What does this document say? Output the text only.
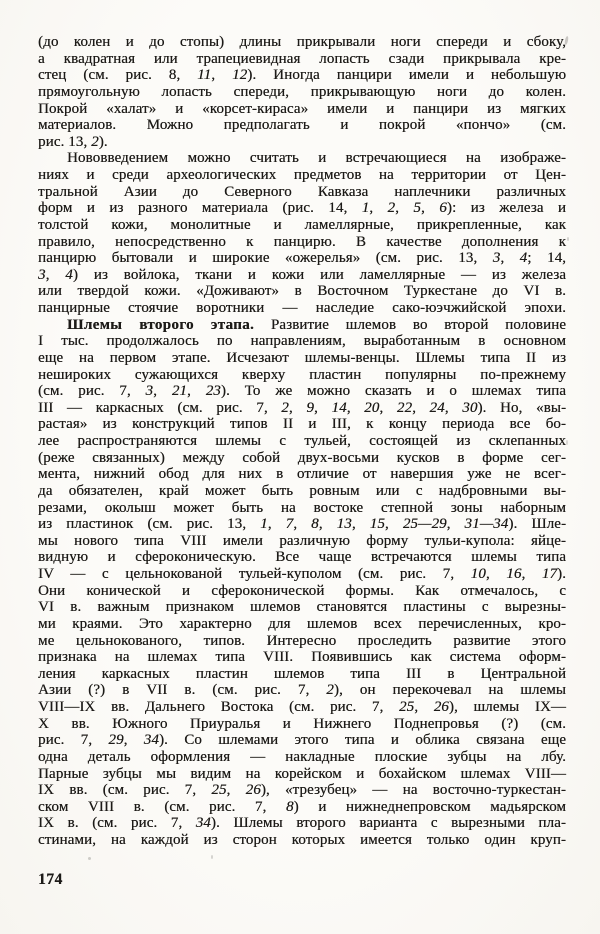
(до колен и до стопы) длины прикрывали ноги спереди и сбоку,
а квадратная или трапециевидная лопасть сзади прикрывала кре-
стец (см. рис. 8, 11, 12). Иногда панцири имели и небольшую
прямоугольную лопасть спереди, прикрывающую ноги до колен.
Покрой «халат» и «корсет-кираса» имели и панцири из мягких
материалов. Можно предполагать и покрой «пончо» (см.
рис. 13, 2).
Нововведением можно считать и встречающиеся на изображе-
ниях и среди археологических предметов на территории от Цен-
тральной Азии до Северного Кавказа наплечники различных
форм и из разного материала (рис. 14, 1, 2, 5, 6): из железа и
толстой кожи, монолитные и ламеллярные, прикрепленные, как
правило, непосредственно к панцирю. В качестве дополнения к
панцирю бытовали и широкие «ожерелья» (см. рис. 13, 3, 4; 14,
3, 4) из войлока, ткани и кожи или ламеллярные — из железа
или твердой кожи. «Доживают» в Восточном Туркестане до VI в.
панцирные стоячие воротники — наследие сако-юэчжийской эпохи.
Шлемы второго этапа. Развитие шлемов во второй половине
I тыс. продолжалось по направлениям, выработанным в основном
еще на первом этапе. Исчезают шлемы-венцы. Шлемы типа II из
нешироких сужающихся кверху пластин популярны по-прежнему
(см. рис. 7, 3, 21, 23). То же можно сказать и о шлемах типа
III — каркасных (см. рис. 7, 2, 9, 14, 20, 22, 24, 30). Но, «вы-
растая» из конструкций типов II и III, к концу периода все бо-
лее распространяются шлемы с тульей, состоящей из склепанных
(реже связанных) между собой двух-восьми кусков в форме сег-
мента, нижний обод для них в отличие от навершия уже не всег-
да обязателен, край может быть ровным или с надбровными вы-
резами, околыш может быть на востоке степной зоны наборным
из пластинок (см. рис. 13, 1, 7, 8, 13, 15, 25—29, 31—34). Шле-
мы нового типа VIII имели различную форму тульи-купола: яйце-
видную и сфероконическую. Все чаще встречаются шлемы типа
IV — с цельнокованой тульей-куполом (см. рис. 7, 10, 16, 17).
Они конической и сфероконической формы. Как отмечалось, с
VI в. важным признаком шлемов становятся пластины с вырезны-
ми краями. Это характерно для шлемов всех перечисленных, кро-
ме цельнокованого, типов. Интересно проследить развитие этого
признака на шлемах типа VIII. Появившись как система оформ-
ления каркасных пластин шлемов типа III в Центральной
Азии (?) в VII в. (см. рис. 7, 2), он перекочевал на шлемы
VIII—IX вв. Дальнего Востока (см. рис. 7, 25, 26), шлемы IX—
X вв. Южного Приуралья и Нижнего Поднепровья (?) (см.
рис. 7, 29, 34). Со шлемами этого типа и облика связана еще
одна деталь оформления — накладные плоские зубцы на лбу.
Парные зубцы мы видим на корейском и бохайском шлемах VIII—
IX вв. (см. рис. 7, 25, 26), «трезубец» — на восточно-туркестан-
ском VIII в. (см. рис. 7, 8) и нижнеднепровском мадьярском
IX в. (см. рис. 7, 34). Шлемы второго варианта с вырезными пла-
стинами, на каждой из сторон которых имеется только один круп-
174
